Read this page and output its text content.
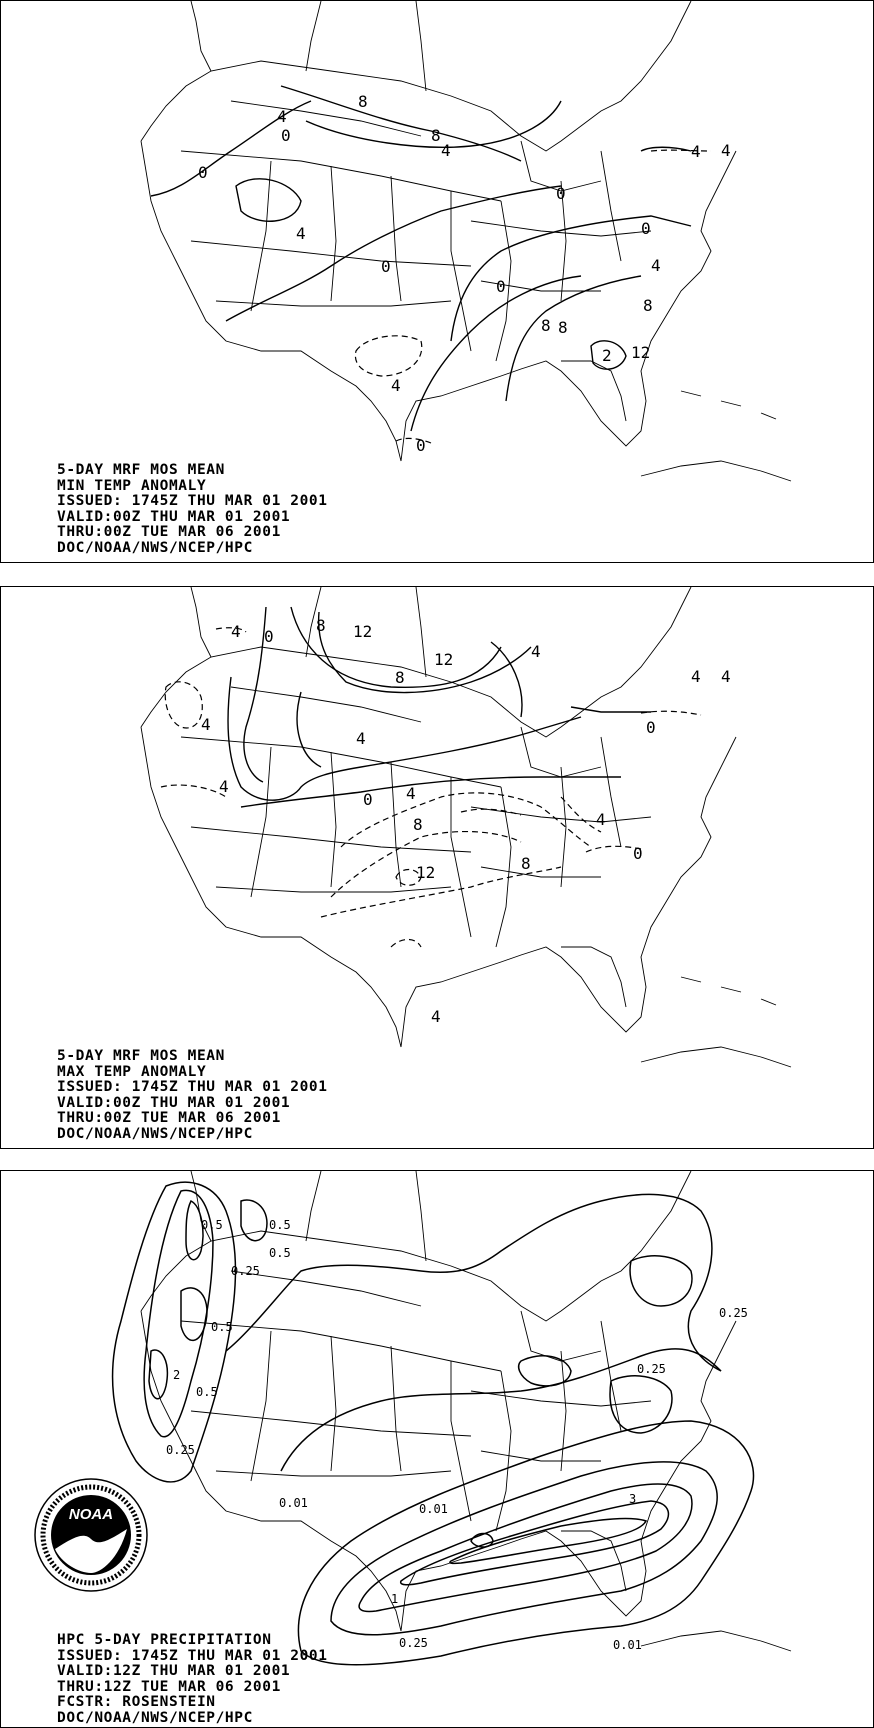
4
8
8
0
0
4
4	4
0
0
8
0	4
4
0
8
8
2 12
4
0
5-DAY MRF MOS MEAN
MIN TEMP ANOMALY
ISSUED: 1745Z THU MAR 01 2001
VALID:00Z THU MAR 01 2001
THRU:00Z TUE MAR 06 2001
DOC/NOAA/NWS/NCEP/HPC
4 0
8 12
12
8
4
4
4
4
4 4
0 4
8
12	8
4
0
0
4
5-DAY MRF MOS MEAN
MAX TEMP ANOMALY
ISSUED: 1745Z THU MAR 01 2001
VALID:00Z THU MAR 01 2001
THRU:00Z TUE MAR 06 2001
DOC/NOAA/NWS/NCEP/HPC
0.5	0.5
0.5
0.25
0.5
2
0.5
0.25
0.01	0.01
0.25
0.25
3
1
0.25	0.01
NOAA
HPC 5-DAY PRECIPITATION
ISSUED: 1745Z THU MAR 01 2001
VALID:12Z THU MAR 01 2001
THRU:12Z TUE MAR 06 2001
FCSTR: ROSENSTEIN
DOC/NOAA/NWS/NCEP/HPC
